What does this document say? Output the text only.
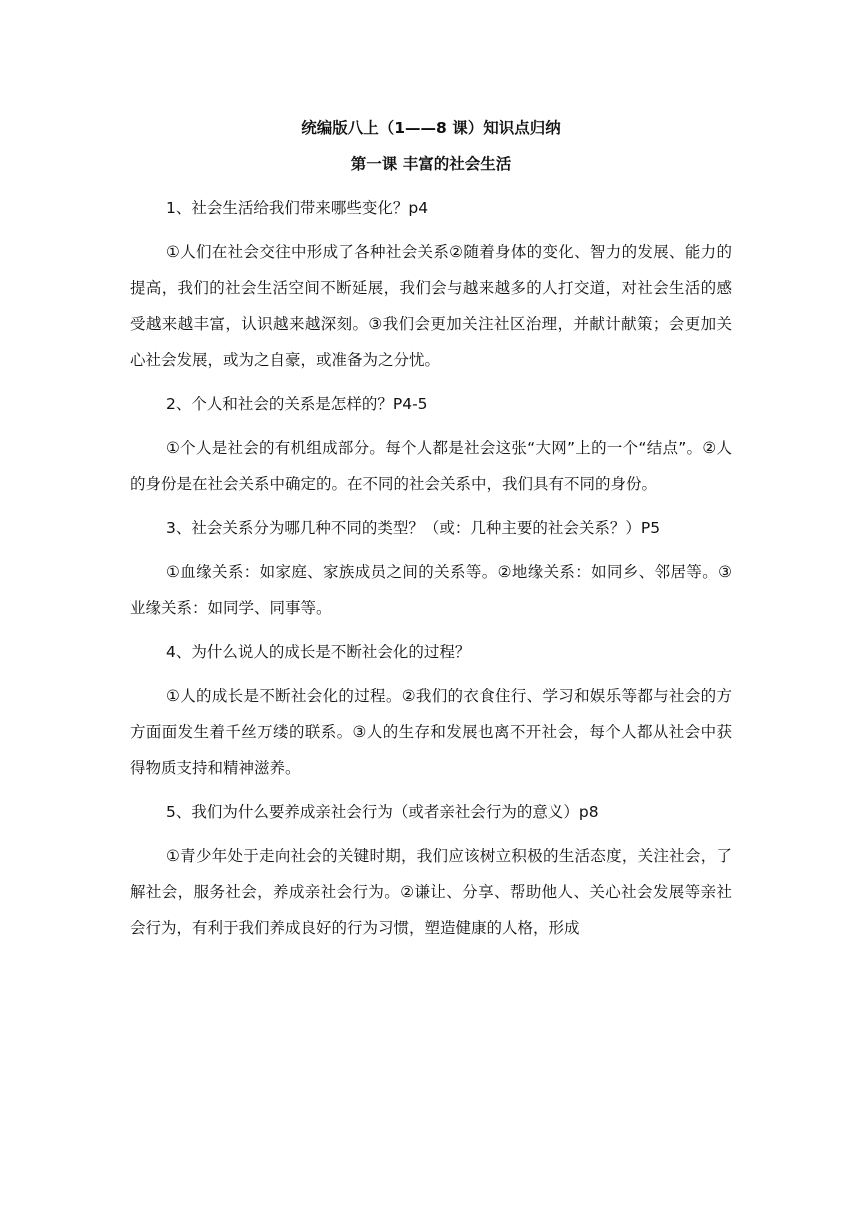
统编版八上（1——8 课）知识点归纳

第一课 丰富的社会生活

1、社会生活给我们带来哪些变化？p4

①人们在社会交往中形成了各种社会关系②随着身体的变化、智力的发展、能力的提高，我们的社会生活空间不断延展，我们会与越来越多的人打交道，对社会生活的感受越来越丰富，认识越来越深刻。③我们会更加关注社区治理，并献计献策；会更加关心社会发展，或为之自豪，或准备为之分忧。

2、个人和社会的关系是怎样的？P4-5

①个人是社会的有机组成部分。每个人都是社会这张“大网”上的一个“结点”。②人的身份是在社会关系中确定的。在不同的社会关系中，我们具有不同的身份。

3、社会关系分为哪几种不同的类型？（或：几种主要的社会关系？）P5

①血缘关系：如家庭、家族成员之间的关系等。②地缘关系：如同乡、邻居等。③业缘关系：如同学、同事等。

4、为什么说人的成长是不断社会化的过程？

①人的成长是不断社会化的过程。②我们的衣食住行、学习和娱乐等都与社会的方方面面发生着千丝万缕的联系。③人的生存和发展也离不开社会，每个人都从社会中获得物质支持和精神滋养。

5、我们为什么要养成亲社会行为（或者亲社会行为的意义）p8

①青少年处于走向社会的关键时期，我们应该树立积极的生活态度，关注社会，了解社会，服务社会，养成亲社会行为。②谦让、分享、帮助他人、关心社会发展等亲社会行为，有利于我们养成良好的行为习惯，塑造健康的人格，形成
